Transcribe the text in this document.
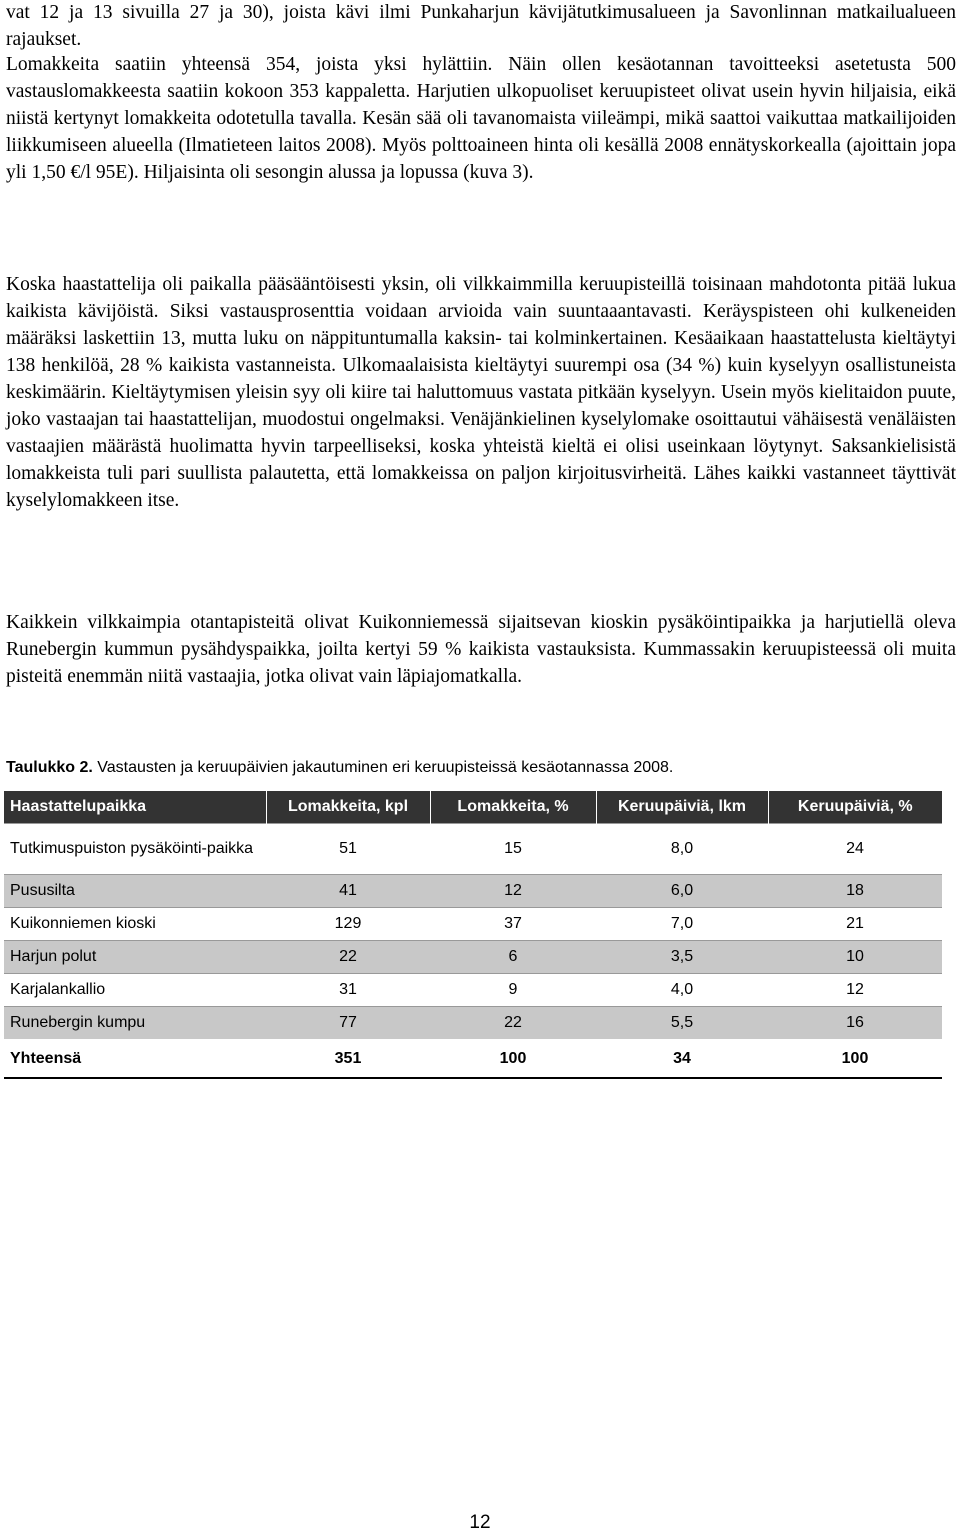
vat 12 ja 13 sivuilla 27 ja 30), joista kävi ilmi Punkaharjun kävijätutkimusalueen ja Savonlinnan matkailualueen rajaukset.

Lomakkeita saatiin yhteensä 354, joista yksi hylättiin. Näin ollen kesäotannan tavoitteeksi asetetusta 500 vastauslomakkeesta saatiin kokoon 353 kappaletta. Harjutien ulkopuoliset keruupisteet olivat usein hyvin hiljaisia, eikä niistä kertynyt lomakkeita odotetulla tavalla. Kesän sää oli tavanomaista viileämpi, mikä saattoi vaikuttaa matkailijoiden liikkumiseen alueella (Ilmatieteen laitos 2008). Myös polttoaineen hinta oli kesällä 2008 ennätyskorkealla (ajoittain jopa yli 1,50 €/l 95E). Hiljaisinta oli sesongin alussa ja lopussa (kuva 3).

Koska haastattelija oli paikalla pääsääntöisesti yksin, oli vilkkaimmilla keruupisteillä toisinaan mahdotonta pitää lukua kaikista kävijöistä. Siksi vastausprosenttia voidaan arvioida vain suuntaaantavasti. Keräyspisteen ohi kulkeneiden määräksi laskettiin 13, mutta luku on näppituntumalla kaksin- tai kolminkertainen. Kesäaikaan haastattelusta kieltäytyi 138 henkilöä, 28 % kaikista vastanneista. Ulkomaalaisista kieltäytyi suurempi osa (34 %) kuin kyselyyn osallistuneista keskimäärin. Kieltäytymisen yleisin syy oli kiire tai haluttomuus vastata pitkään kyselyyn. Usein myös kielitaidon puute, joko vastaajan tai haastattelijan, muodostui ongelmaksi. Venäjänkielinen kyselylomake osoittautui vähäisestä venäläisten vastaajien määrästä huolimatta hyvin tarpeelliseksi, koska yhteistä kieltä ei olisi useinkaan löytynyt. Saksankielisistä lomakkeista tuli pari suullista palautetta, että lomakkeissa on paljon kirjoitusvirheitä. Lähes kaikki vastanneet täyttivät kyselylomakkeen itse.

Kaikkein vilkkaimpia otantapisteitä olivat Kuikonniemessä sijaitsevan kioskin pysäköintipaikka ja harjutiellä oleva Runebergin kummun pysähdyspaikka, joilta kertyi 59 % kaikista vastauksista. Kummassakin keruupisteessä oli muita pisteitä enemmän niitä vastaajia, jotka olivat vain läpiajomatkalla.

Taulukko 2. Vastausten ja keruupäivien jakautuminen eri keruupisteissä kesäotannassa 2008.
Haastattelupaikka	Lomakkeita, kpl	Lomakkeita, %	Keruupäiviä, lkm	Keruupäiviä, %
Tutkimuspuiston pysäköinti-paikka	51	15	8,0	24
Pususilta	41	12	6,0	18
Kuikonniemen kioski	129	37	7,0	21
Harjun polut	22	6	3,5	10
Karjalankallio	31	9	4,0	12
Runebergin kumpu	77	22	5,5	16
Yhteensä	351	100	34	100
12
